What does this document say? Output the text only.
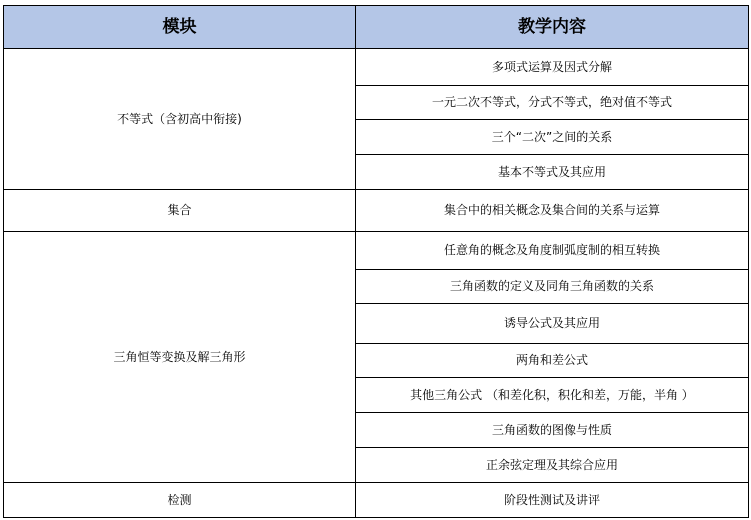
模块	教学内容
不等式（含初高中衔接)	多项式运算及因式分解
	一元二次不等式，分式不等式，绝对值不等式
	三个“二次”之间的关系
	基本不等式及其应用
集合	集合中的相关概念及集合间的关系与运算
三角恒等变换及解三角形	任意角的概念及角度制弧度制的相互转换
	三角函数的定义及同角三角函数的关系
	诱导公式及其应用
	两角和差公式
	其他三角公式 （和差化积，积化和差，万能，半角 ）
	三角函数的图像与性质
	正余弦定理及其综合应用
检测	阶段性测试及讲评
